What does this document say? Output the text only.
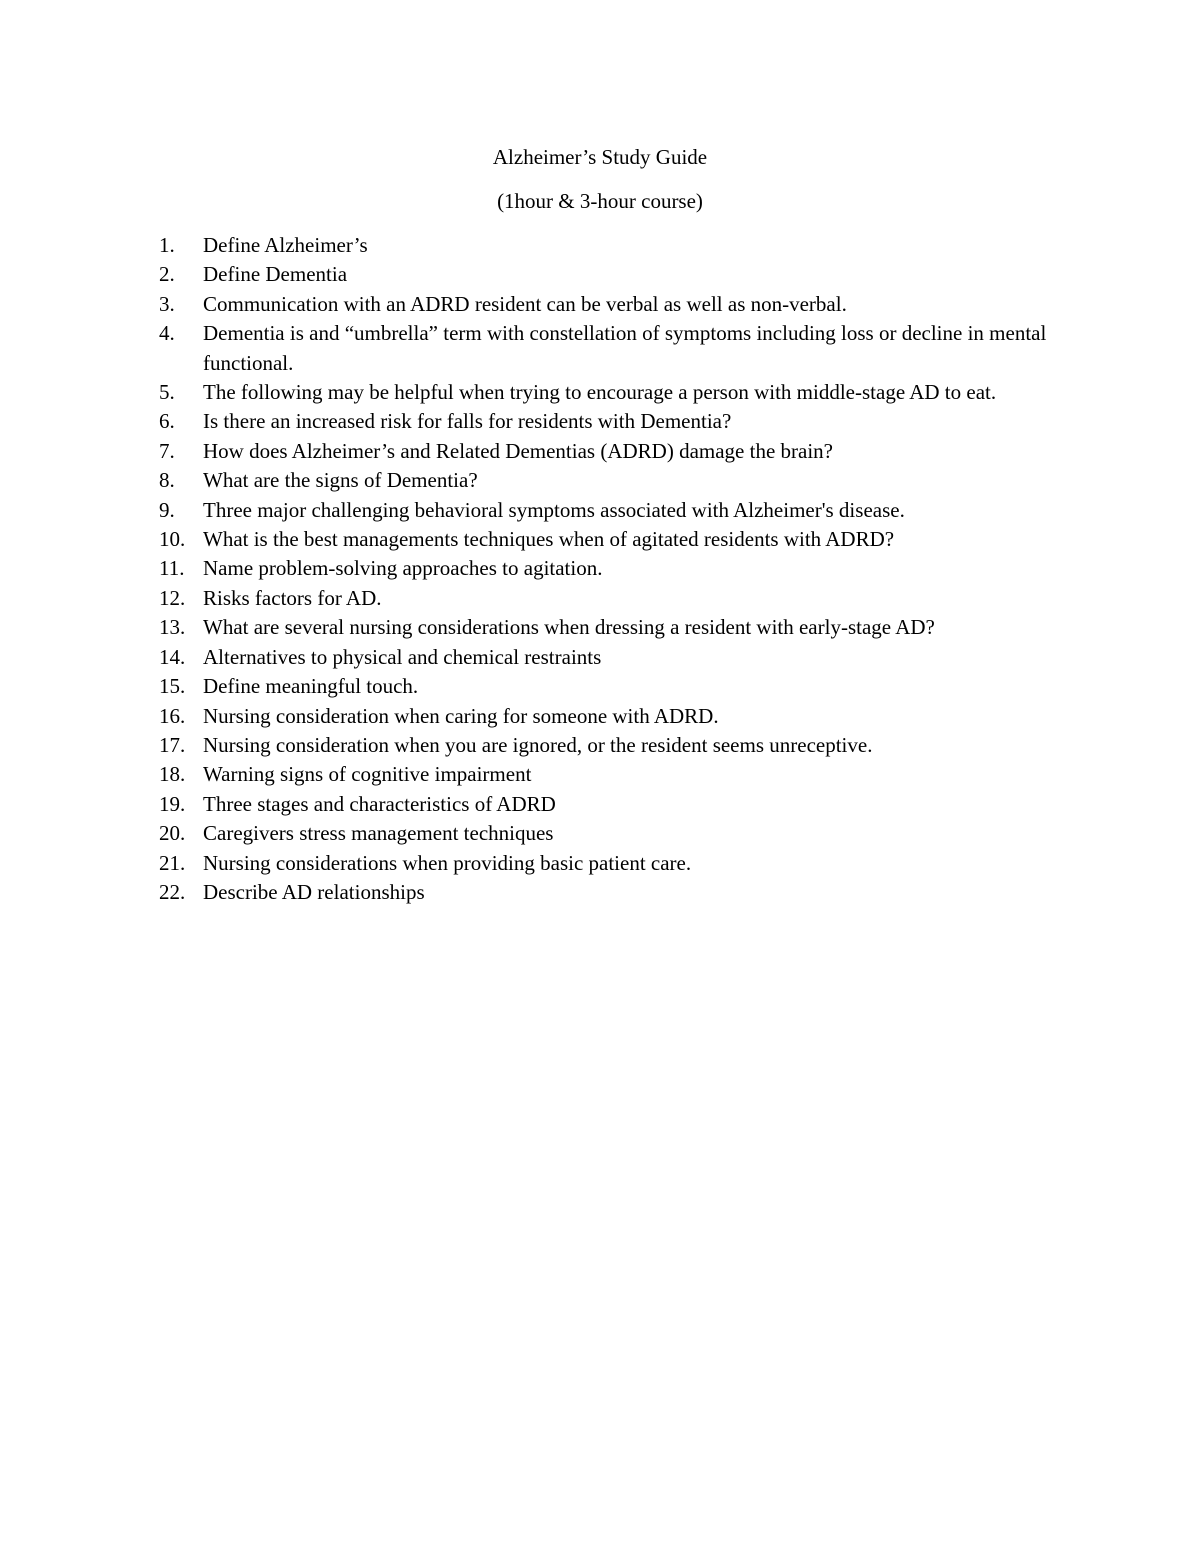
Alzheimer’s Study Guide
(1hour & 3-hour course)
1.	Define Alzheimer’s
2.	Define Dementia
3.	Communication with an ADRD resident can be verbal as well as non-verbal.
4.	Dementia is and “umbrella” term with constellation of symptoms including loss or decline in mental functional.
5.	The following may be helpful when trying to encourage a person with middle-stage AD to eat.
6.	Is there an increased risk for falls for residents with Dementia?
7.	How does Alzheimer’s and Related Dementias (ADRD) damage the brain?
8.	What are the signs of Dementia?
9.	Three major challenging behavioral symptoms associated with Alzheimer's disease.
10. What is the best managements techniques when of agitated residents with ADRD?
11. Name problem-solving approaches to agitation.
12. Risks factors for AD.
13. What are several nursing considerations when dressing a resident with early-stage AD?
14. Alternatives to physical and chemical restraints
15. Define meaningful touch.
16. Nursing consideration when caring for someone with ADRD.
17. Nursing consideration when you are ignored, or the resident seems unreceptive.
18. Warning signs of cognitive impairment
19. Three stages and characteristics of ADRD
20. Caregivers stress management techniques
21. Nursing considerations when providing basic patient care.
22. Describe AD relationships
